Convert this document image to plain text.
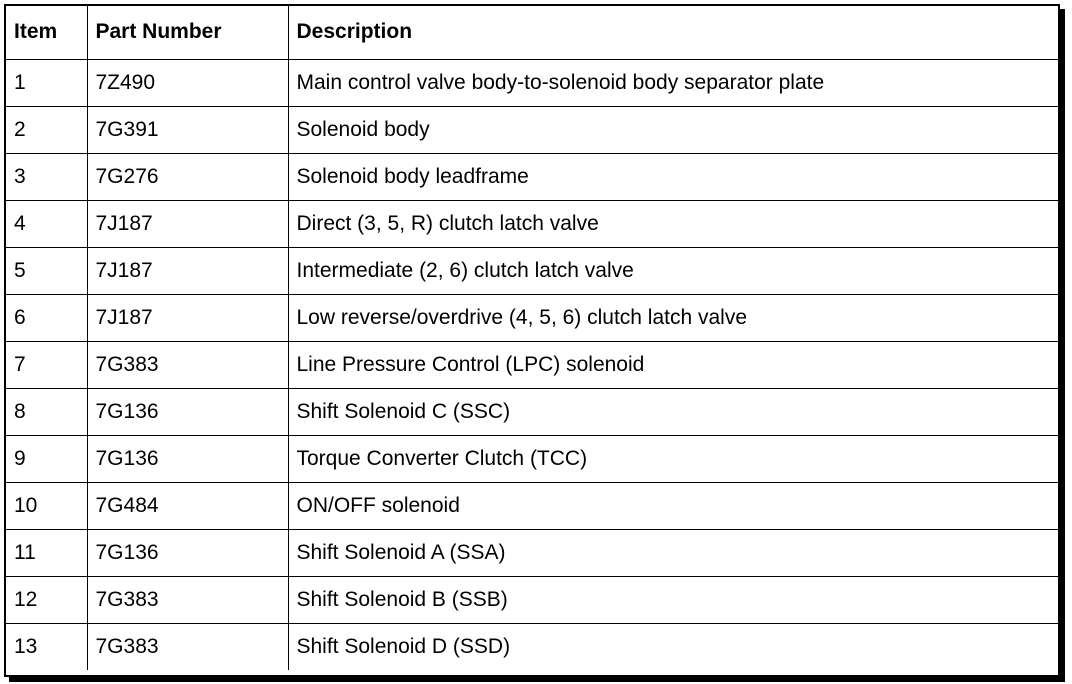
Item	Part Number	Description
1	7Z490	Main control valve body-to-solenoid body separator plate
2	7G391	Solenoid body
3	7G276	Solenoid body leadframe
4	7J187	Direct (3, 5, R) clutch latch valve
5	7J187	Intermediate (2, 6) clutch latch valve
6	7J187	Low reverse/overdrive (4, 5, 6) clutch latch valve
7	7G383	Line Pressure Control (LPC) solenoid
8	7G136	Shift Solenoid C (SSC)
9	7G136	Torque Converter Clutch (TCC)
10	7G484	ON/OFF solenoid
11	7G136	Shift Solenoid A (SSA)
12	7G383	Shift Solenoid B (SSB)
13	7G383	Shift Solenoid D (SSD)
